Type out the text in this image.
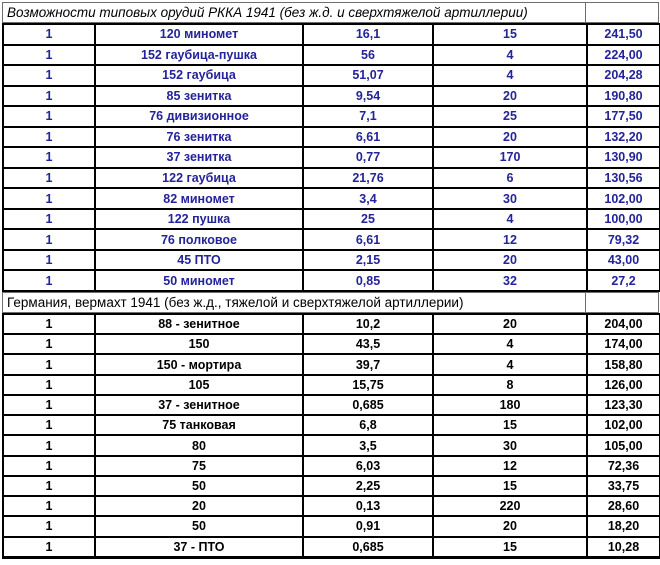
Возможности типовых орудий РККА 1941 (без ж.д. и сверхтяжелой артиллерии)
1	120 миномет	16,1	15	241,50
1	152 гаубица-пушка	56	4	224,00
1	152 гаубица	51,07	4	204,28
1	85 зенитка	9,54	20	190,80
1	76 дивизионное	7,1	25	177,50
1	76 зенитка	6,61	20	132,20
1	37 зенитка	0,77	170	130,90
1	122 гаубица	21,76	6	130,56
1	82 миномет	3,4	30	102,00
1	122 пушка	25	4	100,00
1	76 полковое	6,61	12	79,32
1	45 ПТО	2,15	20	43,00
1	50 миномет	0,85	32	27,2
Германия, вермахт 1941 (без ж.д., тяжелой и сверхтяжелой артиллерии)
1	88 - зенитное	10,2	20	204,00
1	150	43,5	4	174,00
1	150 - мортира	39,7	4	158,80
1	105	15,75	8	126,00
1	37 - зенитное	0,685	180	123,30
1	75 танковая	6,8	15	102,00
1	80	3,5	30	105,00
1	75	6,03	12	72,36
1	50	2,25	15	33,75
1	20	0,13	220	28,60
1	50	0,91	20	18,20
1	37 - ПТО	0,685	15	10,28
